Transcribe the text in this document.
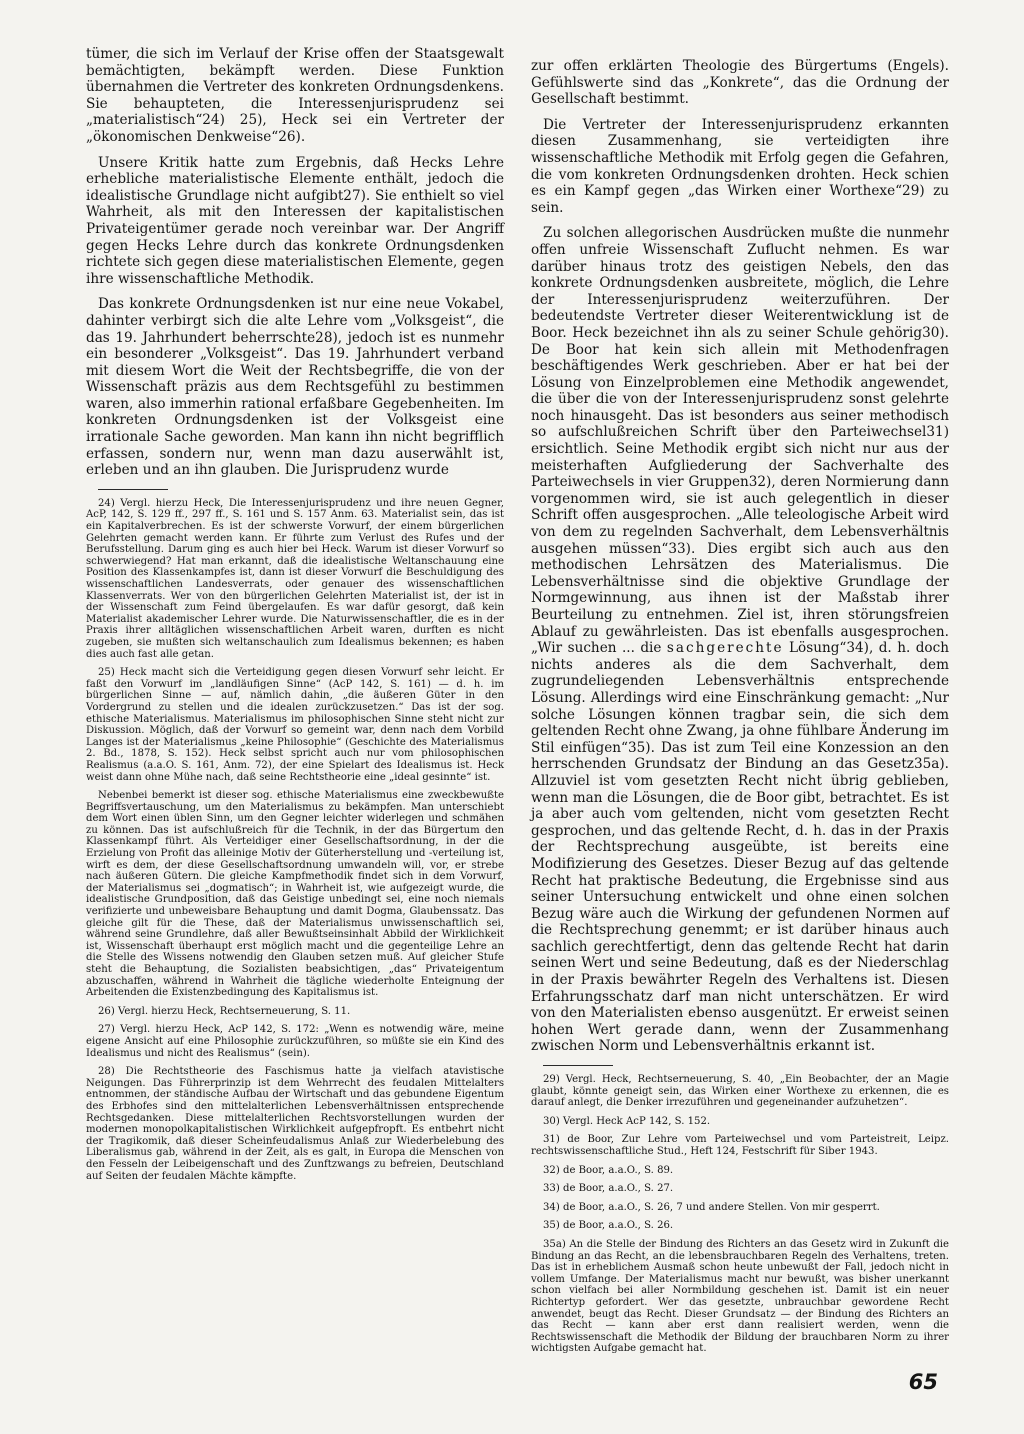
tümer, die sich im Verlauf der Krise offen der Staatsgewalt bemächtigten, bekämpft werden. Diese Funktion übernahmen die Vertreter des konkreten Ordnungsdenkens. Sie behaupteten, die Interessenjurisprudenz sei „materialistisch“24) 25), Heck sei ein Vertreter der „ökonomischen Denkweise“26).

Unsere Kritik hatte zum Ergebnis, daß Hecks Lehre erhebliche materialistische Elemente enthält, jedoch die idealistische Grundlage nicht aufgibt27). Sie enthielt so viel Wahrheit, als mit den Interessen der kapitalistischen Privateigentümer gerade noch vereinbar war. Der Angriff gegen Hecks Lehre durch das konkrete Ordnungsdenken richtete sich gegen diese materialistischen Elemente, gegen ihre wissenschaftliche Methodik.

Das konkrete Ordnungsdenken ist nur eine neue Vokabel, dahinter verbirgt sich die alte Lehre vom „Volksgeist“, die das 19. Jahrhundert beherrschte28), jedoch ist es nunmehr ein besonderer „Volksgeist“. Das 19. Jahrhundert verband mit diesem Wort die Weit der Rechtsbegriffe, die von der Wissenschaft präzis aus dem Rechtsgefühl zu bestimmen waren, also immerhin rational erfaßbare Gegebenheiten. Im konkreten Ordnungsdenken ist der Volksgeist eine irrationale Sache geworden. Man kann ihn nicht begrifflich erfassen, sondern nur, wenn man dazu auserwählt ist, erleben und an ihn glauben. Die Jurisprudenz wurde

24) Vergl. hierzu Heck, Die Interessenjurisprudenz und ihre neuen Gegner, AcP, 142, S. 129 ff., 297 ff., S. 161 und S. 157 Anm. 63. Materialist sein, das ist ein Kapitalverbrechen. Es ist der schwerste Vorwurf, der einem bürgerlichen Gelehrten gemacht werden kann. Er führte zum Verlust des Rufes und der Berufsstellung. Darum ging es auch hier bei Heck. Warum ist dieser Vorwurf so schwerwiegend? Hat man erkannt, daß die idealistische Weltanschauung eine Position des Klassenkampfes ist, dann ist dieser Vorwurf die Beschuldigung des wissenschaftlichen Landesverrats, oder genauer des wissenschaftlichen Klassenverrats. Wer von den bürgerlichen Gelehrten Materialist ist, der ist in der Wissenschaft zum Feind übergelaufen. Es war dafür gesorgt, daß kein Materialist akademischer Lehrer wurde. Die Naturwissenschaftler, die es in der Praxis ihrer alltäglichen wissenschaftlichen Arbeit waren, durften es nicht zugeben, sie mußten sich weltanschaulich zum Idealismus bekennen; es haben dies auch fast alle getan.

25) Heck macht sich die Verteidigung gegen diesen Vorwurf sehr leicht. Er faßt den Vorwurf im „landläufigen Sinne“ (AcP 142, S. 161) — d. h. im bürgerlichen Sinne — auf, nämlich dahin, „die äußeren Güter in den Vordergrund zu stellen und die idealen zurückzusetzen.“ Das ist der sog. ethische Materialismus. Materialismus im philosophischen Sinne steht nicht zur Diskussion. Möglich, daß der Vorwurf so gemeint war, denn nach dem Vorbild Langes ist der Materialismus „keine Philosophie“ (Geschichte des Materialismus 2. Bd., 1878, S. 152). Heck selbst spricht auch nur vom philosophischen Realismus (a.a.O. S. 161, Anm. 72), der eine Spielart des Idealismus ist. Heck weist dann ohne Mühe nach, daß seine Rechtstheorie eine „ideal gesinnte“ ist.

Nebenbei bemerkt ist dieser sog. ethische Materialismus eine zweckbewußte Begriffsvertauschung, um den Materialismus zu bekämpfen. Man unterschiebt dem Wort einen üblen Sinn, um den Gegner leichter widerlegen und schmähen zu können. Das ist aufschlußreich für die Technik, in der das Bürgertum den Klassenkampf führt. Als Verteidiger einer Gesellschaftsordnung, in der die Erzielung von Profit das alleinige Motiv der Güterherstellung und -verteilung ist, wirft es dem, der diese Gesellschaftsordnung umwandeln will, vor, er strebe nach äußeren Gütern. Die gleiche Kampfmethodik findet sich in dem Vorwurf, der Materialismus sei „dogmatisch“; in Wahrheit ist, wie aufgezeigt wurde, die idealistische Grundposition, daß das Geistige unbedingt sei, eine noch niemals verifizierte und unbeweisbare Behauptung und damit Dogma, Glaubenssatz. Das gleiche gilt für die These, daß der Materialismus unwissenschaftlich sei, während seine Grundlehre, daß aller Bewußtseinsinhalt Abbild der Wirklichkeit ist, Wissenschaft überhaupt erst möglich macht und die gegenteilige Lehre an die Stelle des Wissens notwendig den Glauben setzen muß. Auf gleicher Stufe steht die Behauptung, die Sozialisten beabsichtigen, „das“ Privateigentum abzuschaffen, während in Wahrheit die tägliche wiederholte Enteignung der Arbeitenden die Existenzbedingung des Kapitalismus ist.

26) Vergl. hierzu Heck, Rechtserneuerung, S. 11.

27) Vergl. hierzu Heck, AcP 142, S. 172: „Wenn es notwendig wäre, meine eigene Ansicht auf eine Philosophie zurückzuführen, so müßte sie ein Kind des Idealismus und nicht des Realismus“ (sein).

28) Die Rechtstheorie des Faschismus hatte ja vielfach atavistische Neigungen. Das Führerprinzip ist dem Wehrrecht des feudalen Mittelalters entnommen, der ständische Aufbau der Wirtschaft und das gebundene Eigentum des Erbhofes sind den mittelalterlichen Lebensverhältnissen entsprechende Rechtsgedanken. Diese mittelalterlichen Rechtsvorstellungen wurden der modernen monopolkapitalistischen Wirklichkeit aufgepfropft. Es entbehrt nicht der Tragikomik, daß dieser Scheinfeudalismus Anlaß zur Wiederbelebung des Liberalismus gab, während in der Zeit, als es galt, in Europa die Menschen von den Fesseln der Leibeigenschaft und des Zunftzwangs zu befreien, Deutschland auf Seiten der feudalen Mächte kämpfte.

zur offen erklärten Theologie des Bürgertums (Engels). Gefühlswerte sind das „Konkrete“, das die Ordnung der Gesellschaft bestimmt.

Die Vertreter der Interessenjurisprudenz erkannten diesen Zusammenhang, sie verteidigten ihre wissenschaftliche Methodik mit Erfolg gegen die Gefahren, die vom konkreten Ordnungsdenken drohten. Heck schien es ein Kampf gegen „das Wirken einer Worthexe“29) zu sein.

Zu solchen allegorischen Ausdrücken mußte die nunmehr offen unfreie Wissenschaft Zuflucht nehmen. Es war darüber hinaus trotz des geistigen Nebels, den das konkrete Ordnungsdenken ausbreitete, möglich, die Lehre der Interessenjurisprudenz weiterzuführen. Der bedeutendste Vertreter dieser Weiterentwicklung ist de Boor. Heck bezeichnet ihn als zu seiner Schule gehörig30). De Boor hat kein sich allein mit Methodenfragen beschäftigendes Werk geschrieben. Aber er hat bei der Lösung von Einzelproblemen eine Methodik angewendet, die über die von der Interessenjurisprudenz sonst gelehrte noch hinausgeht. Das ist besonders aus seiner methodisch so aufschlußreichen Schrift über den Parteiwechsel31) ersichtlich. Seine Methodik ergibt sich nicht nur aus der meisterhaften Aufgliederung der Sachverhalte des Parteiwechsels in vier Gruppen32), deren Normierung dann vorgenommen wird, sie ist auch gelegentlich in dieser Schrift offen ausgesprochen. „Alle teleologische Arbeit wird von dem zu regelnden Sachverhalt, dem Lebensverhältnis ausgehen müssen“33). Dies ergibt sich auch aus den methodischen Lehrsätzen des Materialismus. Die Lebensverhältnisse sind die objektive Grundlage der Normgewinnung, aus ihnen ist der Maßstab ihrer Beurteilung zu entnehmen. Ziel ist, ihren störungsfreien Ablauf zu gewährleisten. Das ist ebenfalls ausgesprochen. „Wir suchen ... die sachgerechte Lösung“34), d. h. doch nichts anderes als die dem Sachverhalt, dem zugrundeliegenden Lebensverhältnis entsprechende Lösung. Allerdings wird eine Einschränkung gemacht: „Nur solche Lösungen können tragbar sein, die sich dem geltenden Recht ohne Zwang, ja ohne fühlbare Änderung im Stil einfügen“35). Das ist zum Teil eine Konzession an den herrschenden Grundsatz der Bindung an das Gesetz35a). Allzuviel ist vom gesetzten Recht nicht übrig geblieben, wenn man die Lösungen, die de Boor gibt, betrachtet. Es ist ja aber auch vom geltenden, nicht vom gesetzten Recht gesprochen, und das geltende Recht, d. h. das in der Praxis der Rechtsprechung ausgeübte, ist bereits eine Modifizierung des Gesetzes. Dieser Bezug auf das geltende Recht hat praktische Bedeutung, die Ergebnisse sind aus seiner Untersuchung entwickelt und ohne einen solchen Bezug wäre auch die Wirkung der gefundenen Normen auf die Rechtsprechung genemmt; er ist darüber hinaus auch sachlich gerechtfertigt, denn das geltende Recht hat darin seinen Wert und seine Bedeutung, daß es der Niederschlag in der Praxis bewährter Regeln des Verhaltens ist. Diesen Erfahrungsschatz darf man nicht unterschätzen. Er wird von den Materialisten ebenso ausgenützt. Er erweist seinen hohen Wert gerade dann, wenn der Zusammenhang zwischen Norm und Lebensverhältnis erkannt ist.

29) Vergl. Heck, Rechtserneuerung, S. 40, „Ein Beobachter, der an Magie glaubt, könnte geneigt sein, das Wirken einer Worthexe zu erkennen, die es darauf anlegt, die Denker irrezuführen und gegeneinander aufzuhetzen“.

30) Vergl. Heck AcP 142, S. 152.

31) de Boor, Zur Lehre vom Parteiwechsel und vom Parteistreit, Leipz. rechtswissenschaftliche Stud., Heft 124, Festschrift für Siber 1943.

32) de Boor, a.a.O., S. 89.

33) de Boor, a.a.O., S. 27.

34) de Boor, a.a.O., S. 26, 7 und andere Stellen. Von mir gesperrt.

35) de Boor, a.a.O., S. 26.

35a) An die Stelle der Bindung des Richters an das Gesetz wird in Zukunft die Bindung an das Recht, an die lebensbrauchbaren Regeln des Verhaltens, treten. Das ist in erheblichem Ausmaß schon heute unbewußt der Fall, jedoch nicht in vollem Umfange. Der Materialismus macht nur bewußt, was bisher unerkannt schon vielfach bei aller Normbildung geschehen ist. Damit ist ein neuer Richtertyp gefordert. Wer das gesetzte, unbrauchbar gewordene Recht anwendet, beugt das Recht. Dieser Grundsatz — der Bindung des Richters an das Recht — kann aber erst dann realisiert werden, wenn die Rechtswissenschaft die Methodik der Bildung der brauchbaren Norm zu ihrer wichtigsten Aufgabe gemacht hat.

65
